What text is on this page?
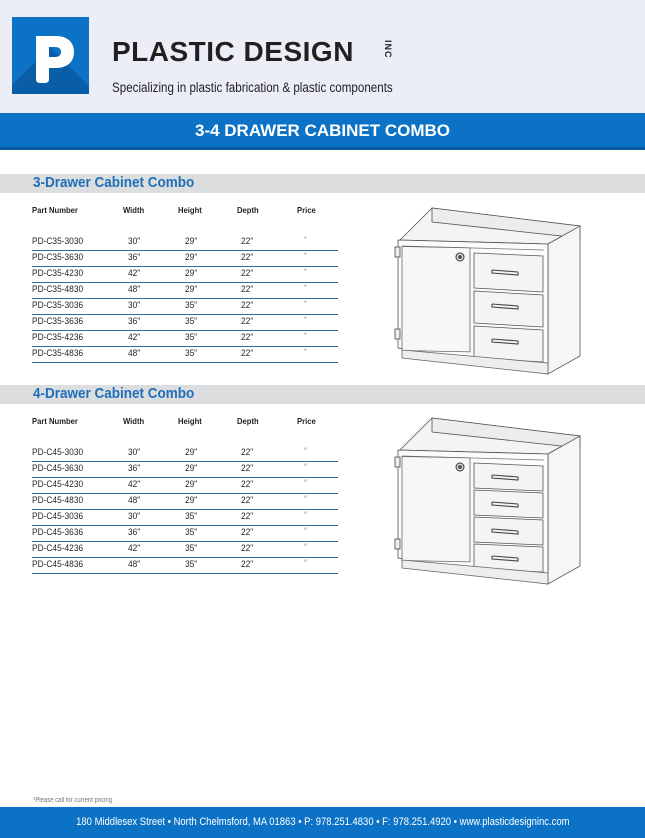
PLASTIC DESIGN	INC
Specializing in plastic fabrication & plastic components
3-4 DRAWER CABINET COMBO
3-Drawer Cabinet Combo
Part Number	Width	Height	Depth	Price
PD-C35-3030	30"	29"	22"	*
PD-C35-3630	36"	29"	22"	*
PD-C35-4230	42"	29"	22"	*
PD-C35-4830	48"	29"	22"	*
PD-C35-3036	30"	35"	22"	*
PD-C35-3636	36"	35"	22"	*
PD-C35-4236	42"	35"	22"	*
PD-C35-4836	48"	35"	22"	*
4-Drawer Cabinet Combo
Part Number	Width	Height	Depth	Price
PD-C45-3030	30"	29"	22"	*
PD-C45-3630	36"	29"	22"	*
PD-C45-4230	42"	29"	22"	*
PD-C45-4830	48"	29"	22"	*
PD-C45-3036	30"	35"	22"	*
PD-C45-3636	36"	35"	22"	*
PD-C45-4236	42"	35"	22"	*
PD-C45-4836	48"	35"	22"	*
*Please call for current pricing
180 Middlesex Street • North Chelmsford, MA 01863 • P: 978.251.4830 • F: 978.251.4920 • www.plasticdesigninc.com
